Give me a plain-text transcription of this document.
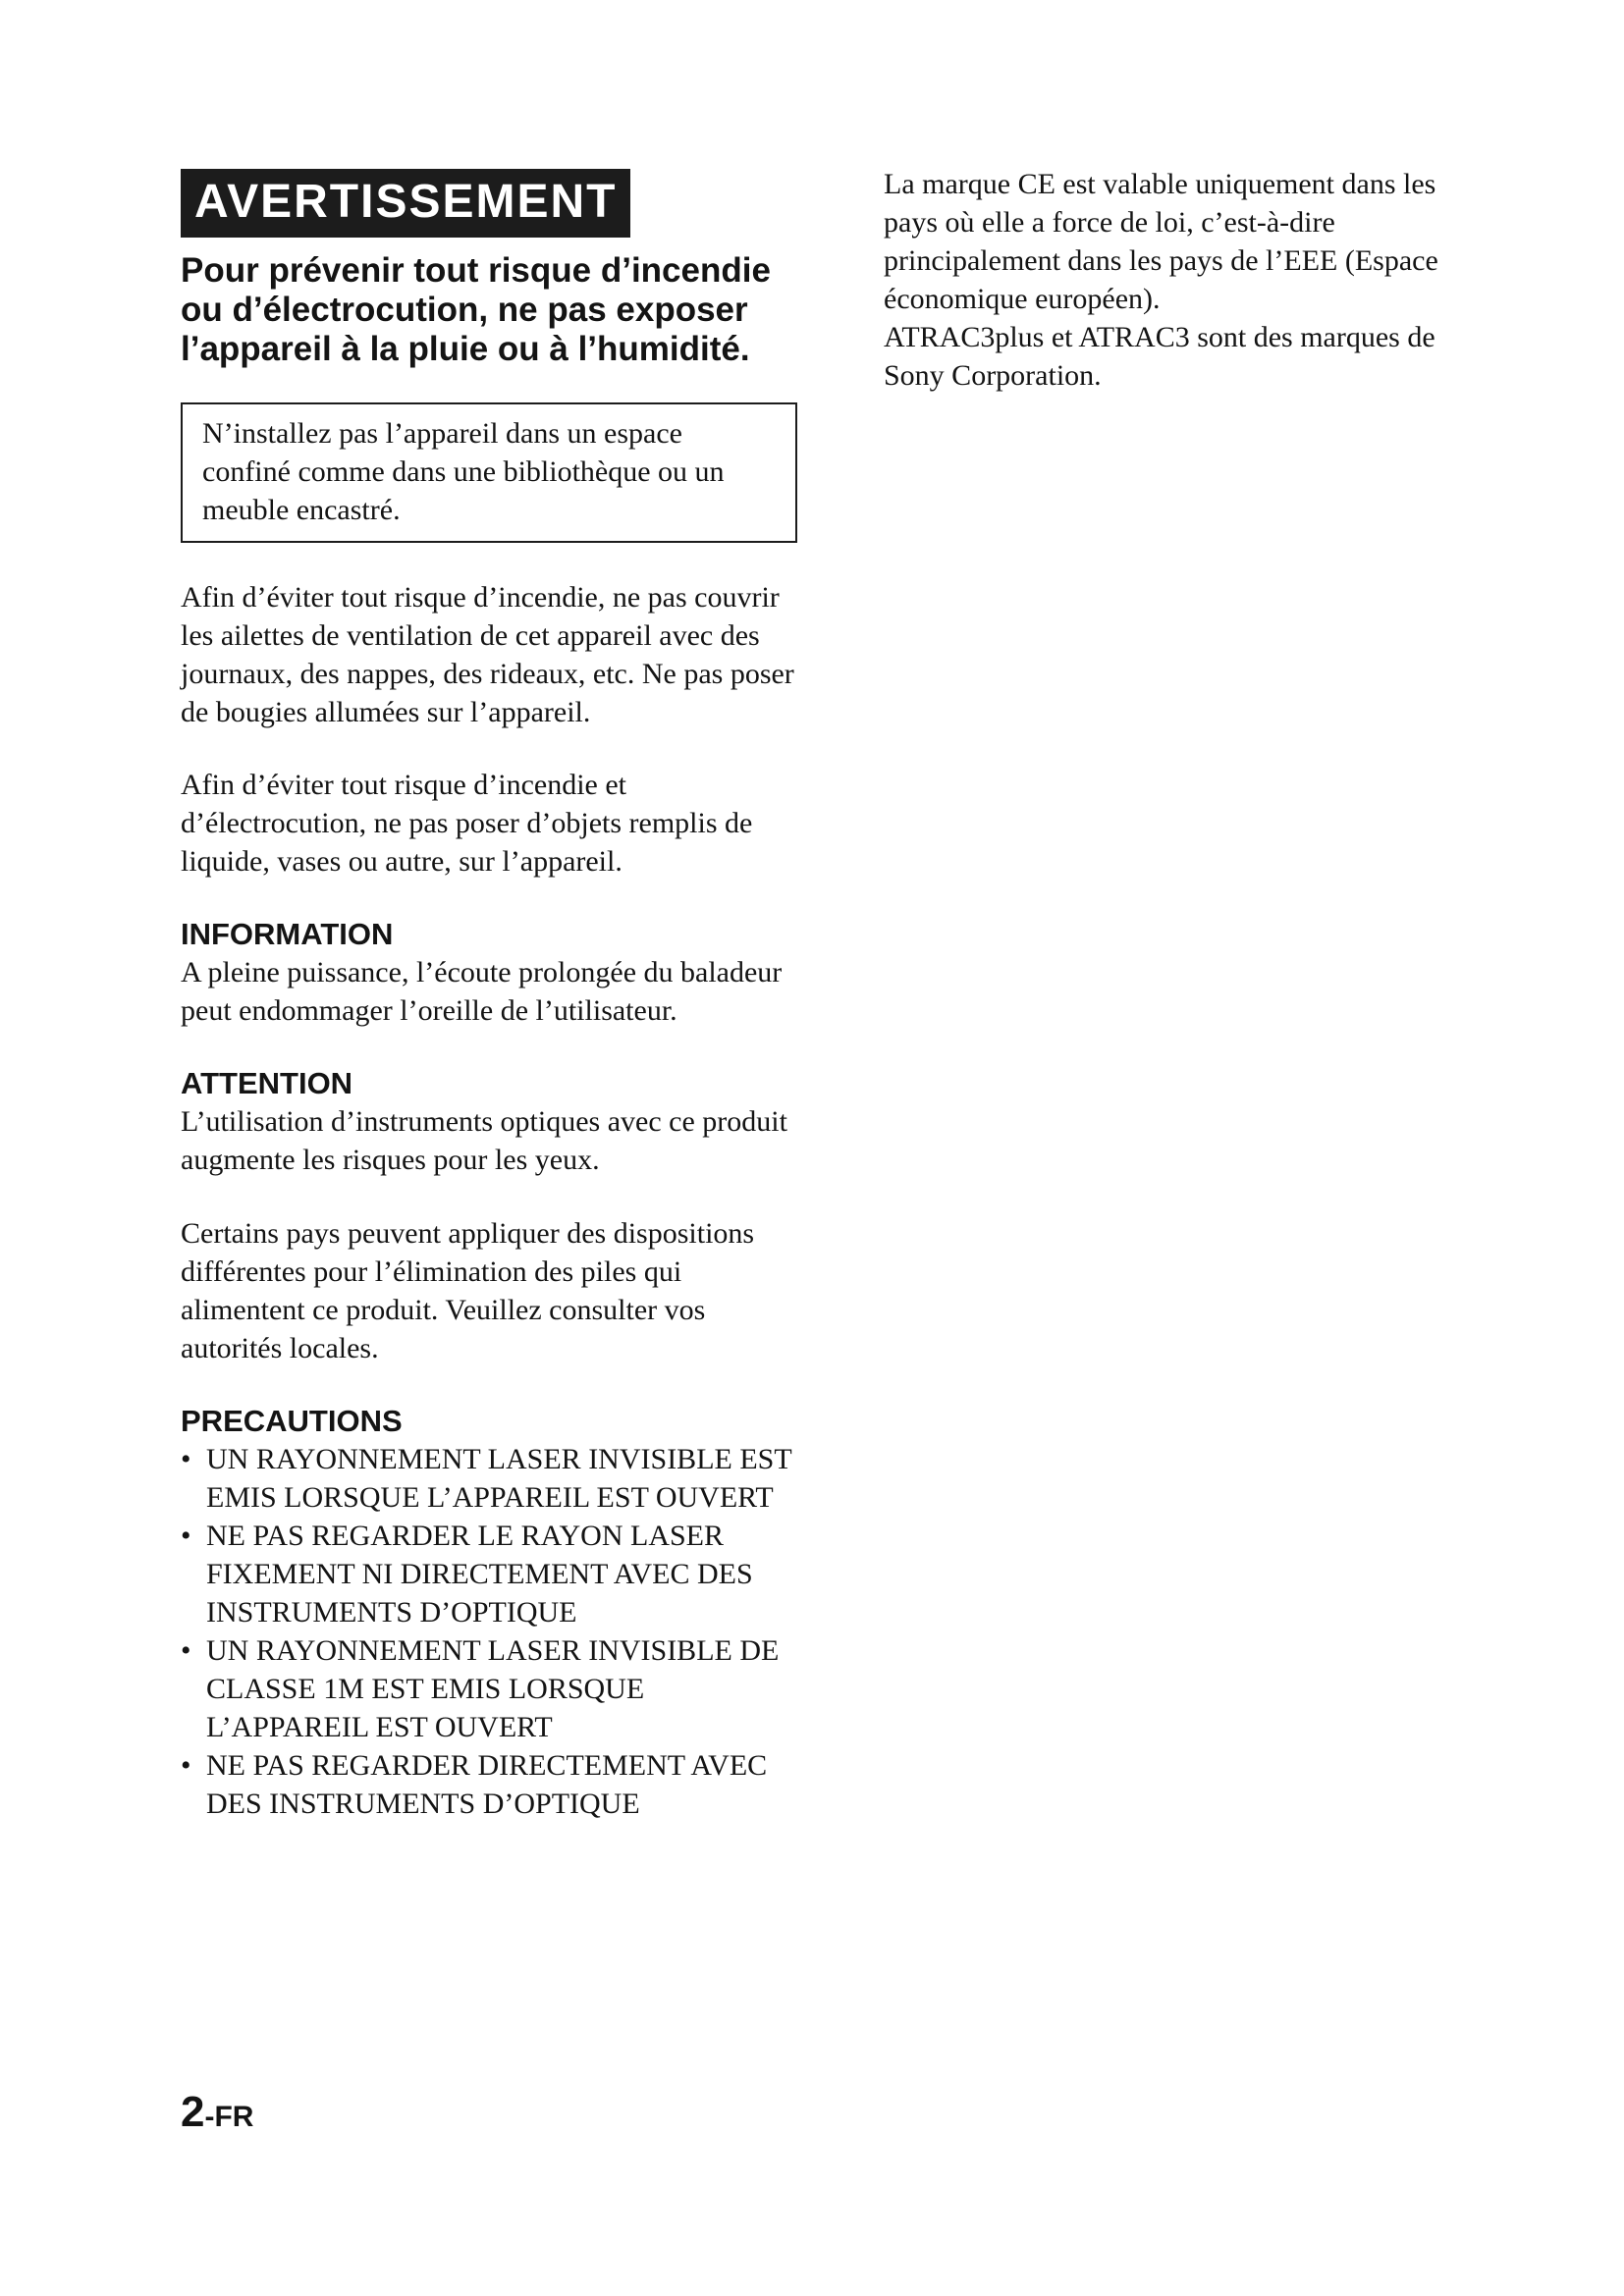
AVERTISSEMENT
Pour prévenir tout risque d’incendie ou d’électrocution, ne pas exposer l’appareil à la pluie ou à l’humidité.
N’installez pas l’appareil dans un espace confiné comme dans une bibliothèque ou un meuble encastré.

Afin d’éviter tout risque d’incendie, ne pas couvrir les ailettes de ventilation de cet appareil avec des journaux, des nappes, des rideaux, etc. Ne pas poser de bougies allumées sur l’appareil.

Afin d’éviter tout risque d’incendie et d’électrocution, ne pas poser d’objets remplis de liquide, vases ou autre, sur l’appareil.

INFORMATION

A pleine puissance, l’écoute prolongée du baladeur peut endommager l’oreille de l’utilisateur.

ATTENTION

L’utilisation d’instruments optiques avec ce produit augmente les risques pour les yeux.

Certains pays peuvent appliquer des dispositions différentes pour l’élimination des piles qui alimentent ce produit. Veuillez consulter vos autorités locales.

PRECAUTIONS

• UN RAYONNEMENT LASER INVISIBLE EST EMIS LORSQUE L’APPAREIL EST OUVERT
• NE PAS REGARDER LE RAYON LASER FIXEMENT NI DIRECTEMENT AVEC DES INSTRUMENTS D’OPTIQUE
• UN RAYONNEMENT LASER INVISIBLE DE CLASSE 1M EST EMIS LORSQUE L’APPAREIL EST OUVERT
• NE PAS REGARDER DIRECTEMENT AVEC DES INSTRUMENTS D’OPTIQUE

La marque CE est valable uniquement dans les pays où elle a force de loi, c’est-à-dire principalement dans les pays de l’EEE (Espace économique européen).

ATRAC3plus et ATRAC3 sont des marques de Sony Corporation.

2-FR
